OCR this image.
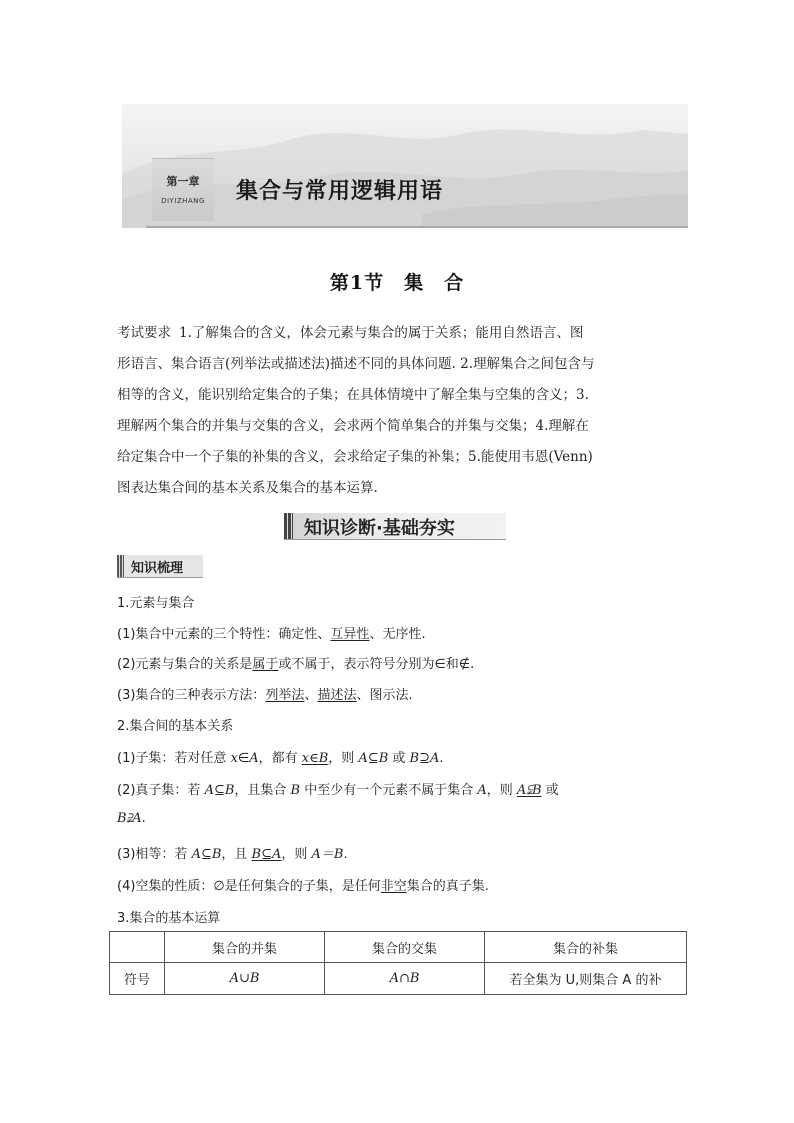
第一章
DIYIZHANG	集合与常用逻辑用语
第1节　集　合
考试要求 1.了解集合的含义，体会元素与集合的属于关系；能用自然语言、图
形语言、集合语言(列举法或描述法)描述不同的具体问题. 2.理解集合之间包含与
相等的含义，能识别给定集合的子集；在具体情境中了解全集与空集的含义；3.
理解两个集合的并集与交集的含义，会求两个简单集合的并集与交集；4.理解在
给定集合中一个子集的补集的含义，会求给定子集的补集；5.能使用韦恩(Venn)
图表达集合间的基本关系及集合的基本运算.
知识诊断·基础夯实
知识梳理
1.元素与集合
(1)集合中元素的三个特性：确定性、互异性、无序性.
(2)元素与集合的关系是属于或不属于，表示符号分别为∈和∉.
(3)集合的三种表示方法：列举法、描述法、图示法.
2.集合间的基本关系
(1)子集：若对任意 x∈A，都有 x∈B，则 A⊆B 或 B⊇A.
(2)真子集：若 A⊆B，且集合 B 中至少有一个元素不属于集合 A，则 A⫋B 或
B⫌A.
(3)相等：若 A⊆B，且 B⊆A，则 A＝B.
(4)空集的性质：∅是任何集合的子集，是任何非空集合的真子集.
3.集合的基本运算
	集合的并集	集合的交集	集合的补集
符号	A∪B	A∩B	若全集为 U,则集合 A 的补
